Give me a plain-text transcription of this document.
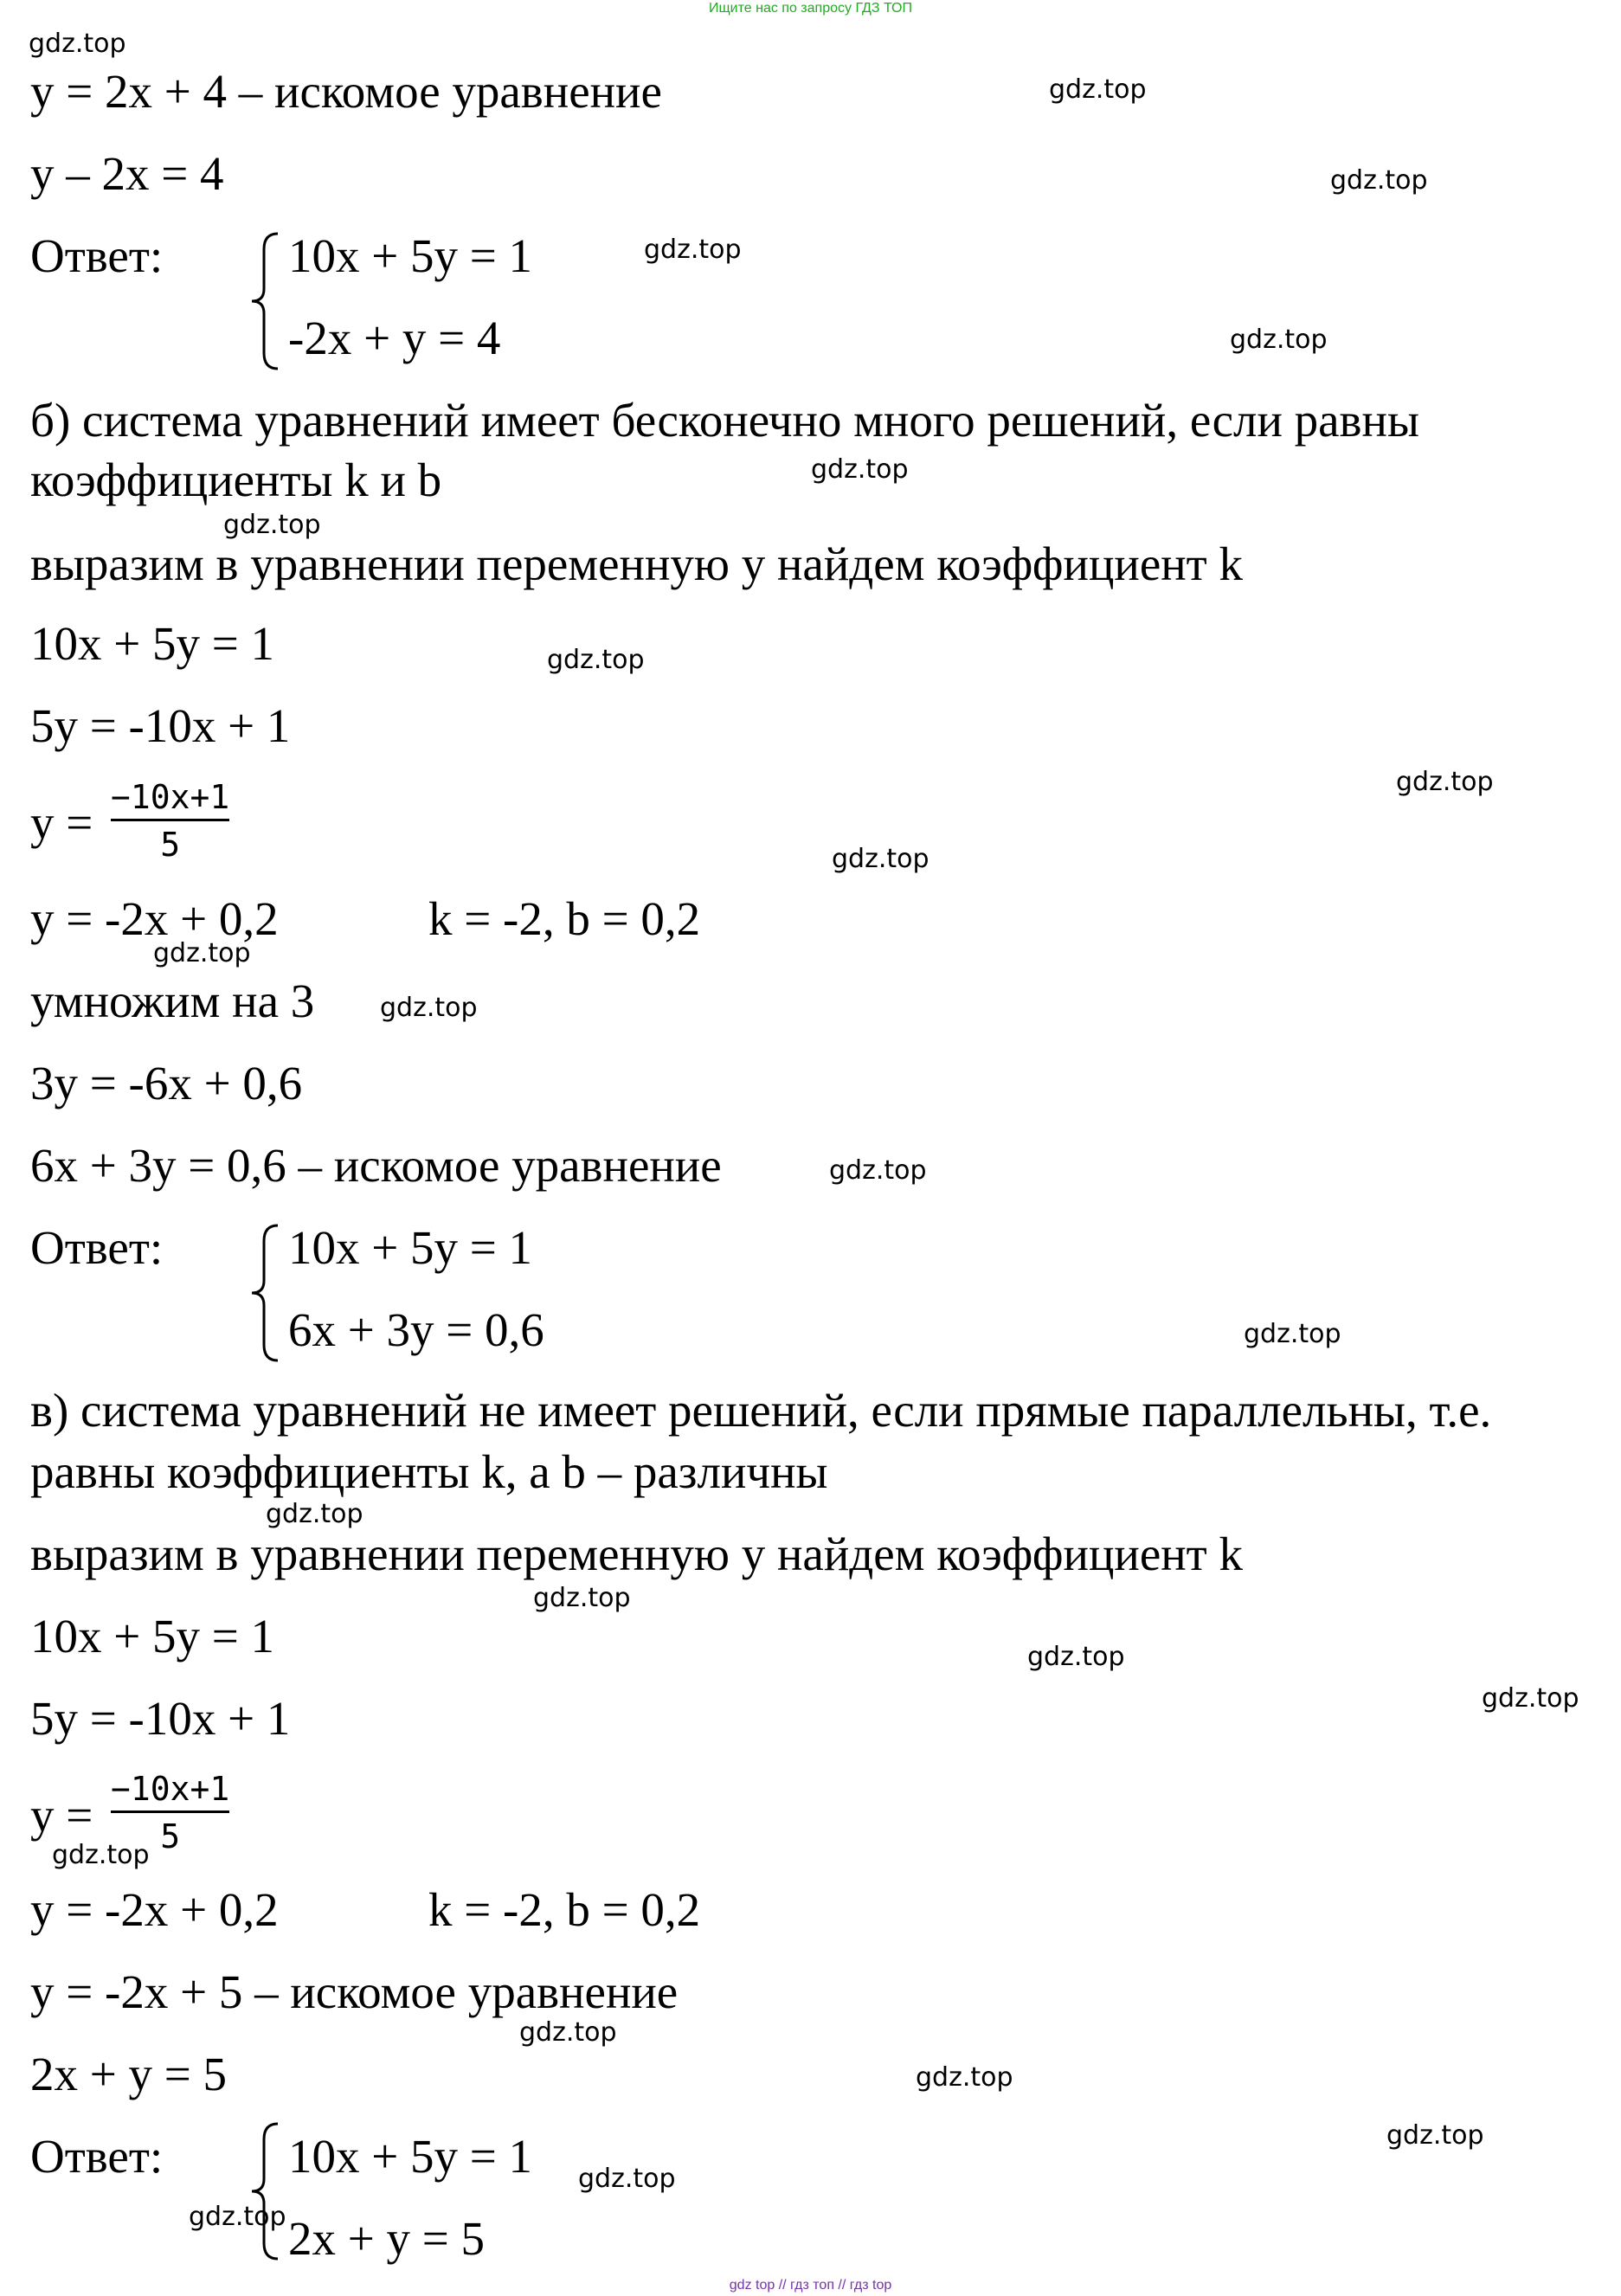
Ищите нас по запросу ГДЗ ТОП
y = 2x + 4 – искомое уравнение
y – 2x = 4
Ответ:	10x + 5y = 1
-2x + y = 4
б) система уравнений имеет бесконечно много решений, если равны
коэффициенты k и b
выразим в уравнении переменную y найдем коэффициент k
10x + 5y = 1
5y = -10x + 1
y = −10x+1
5
y = -2x + 0,2	k = -2, b = 0,2
умножим на 3
3y = -6x + 0,6
6x + 3y = 0,6 – искомое уравнение
Ответ:	10x + 5y = 1
6x + 3y = 0,6
в) система уравнений не имеет решений, если прямые параллельны, т.е.
равны коэффициенты k, а b – различны
выразим в уравнении переменную y найдем коэффициент k
10x + 5y = 1
5y = -10x + 1
y = −10x+1
5
y = -2x + 0,2	k = -2, b = 0,2
y = -2x + 5 – искомое уравнение
2x + y = 5
Ответ:	10x + 5y = 1
2x + y = 5
gdz.top
gdz.top
gdz.top
gdz.top
gdz.top
gdz.top
gdz.top
gdz.top
gdz.top
gdz.top
gdz.top
gdz.top
gdz.top
gdz.top
gdz.top
gdz.top
gdz.top
gdz.top
gdz.top
gdz.top
gdz.top
gdz.top
gdz.top
gdz.top
gdz top // гдз топ // гдз top
